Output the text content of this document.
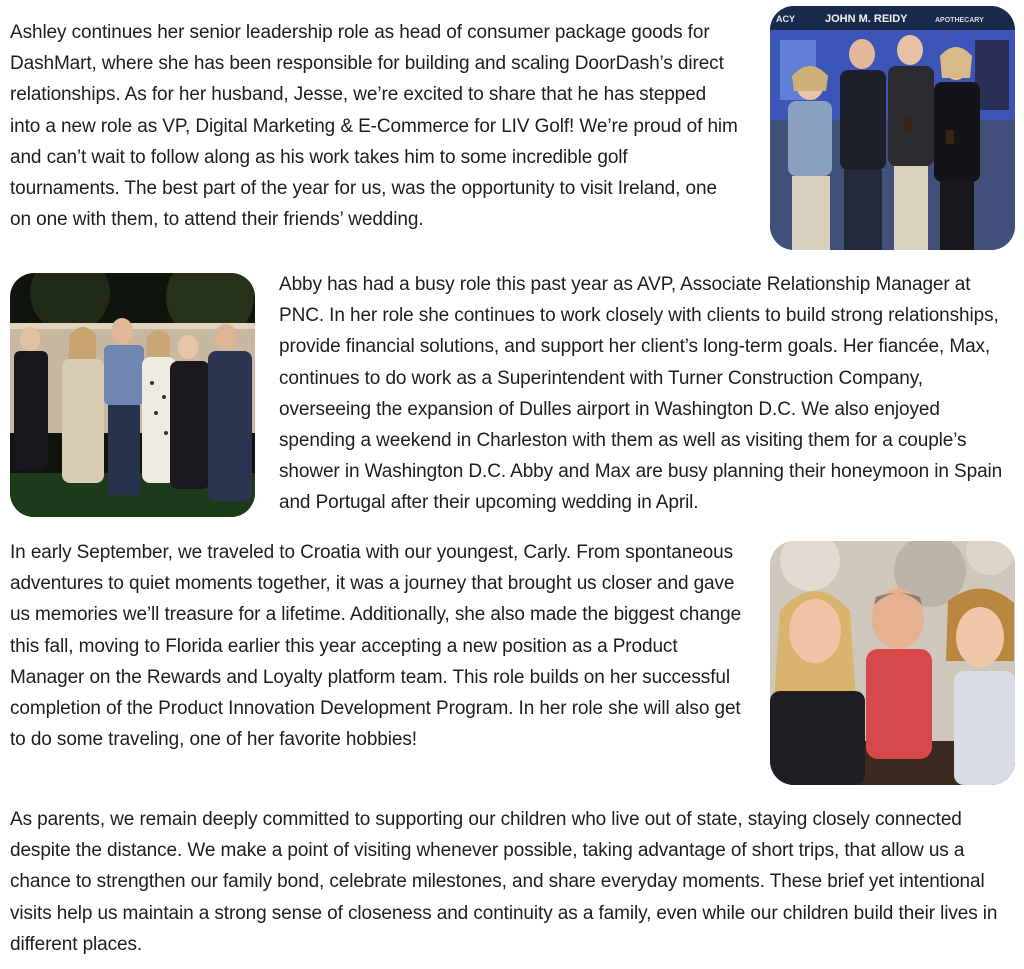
Ashley continues her senior leadership role as head of consumer package goods for DashMart, where she has been responsible for building and scaling DoorDash’s direct relationships. As for her husband, Jesse, we’re excited to share that he has stepped into a new role as VP, Digital Marketing & E-Commerce for LIV Golf! We’re proud of him and can’t wait to follow along as his work takes him to some incredible golf tournaments. The best part of the year for us, was the opportunity to visit Ireland, one on one with them, to attend their friends’ wedding.

ACY	JOHN M. REIDY	APOTHECARY

Abby has had a busy role this past year as AVP, Associate Relationship Manager at PNC. In her role she continues to work closely with clients to build strong relationships, provide financial solutions, and support her client’s long-term goals. Her fiancée, Max, continues to do work as a Superintendent with Turner Construction Company, overseeing the expansion of Dulles airport in Washington D.C. We also enjoyed spending a weekend in Charleston with them as well as visiting them for a couple’s shower in Washington D.C. Abby and Max are busy planning their honeymoon in Spain and Portugal after their upcoming wedding in April.

In early September, we traveled to Croatia with our youngest, Carly. From spontaneous adventures to quiet moments together, it was a journey that brought us closer and gave us memories we’ll treasure for a lifetime. Additionally, she also made the biggest change this fall, moving to Florida earlier this year accepting a new position as a Product Manager on the Rewards and Loyalty platform team. This role builds on her successful completion of the Product Innovation Development Program. In her role she will also get to do some traveling, one of her favorite hobbies!

As parents, we remain deeply committed to supporting our children who live out of state, staying closely connected despite the distance. We make a point of visiting whenever possible, taking advantage of short trips, that allow us a chance to strengthen our family bond, celebrate milestones, and share everyday moments. These brief yet intentional visits help us maintain a strong sense of closeness and continuity as a family, even while our children build their lives in different places.
